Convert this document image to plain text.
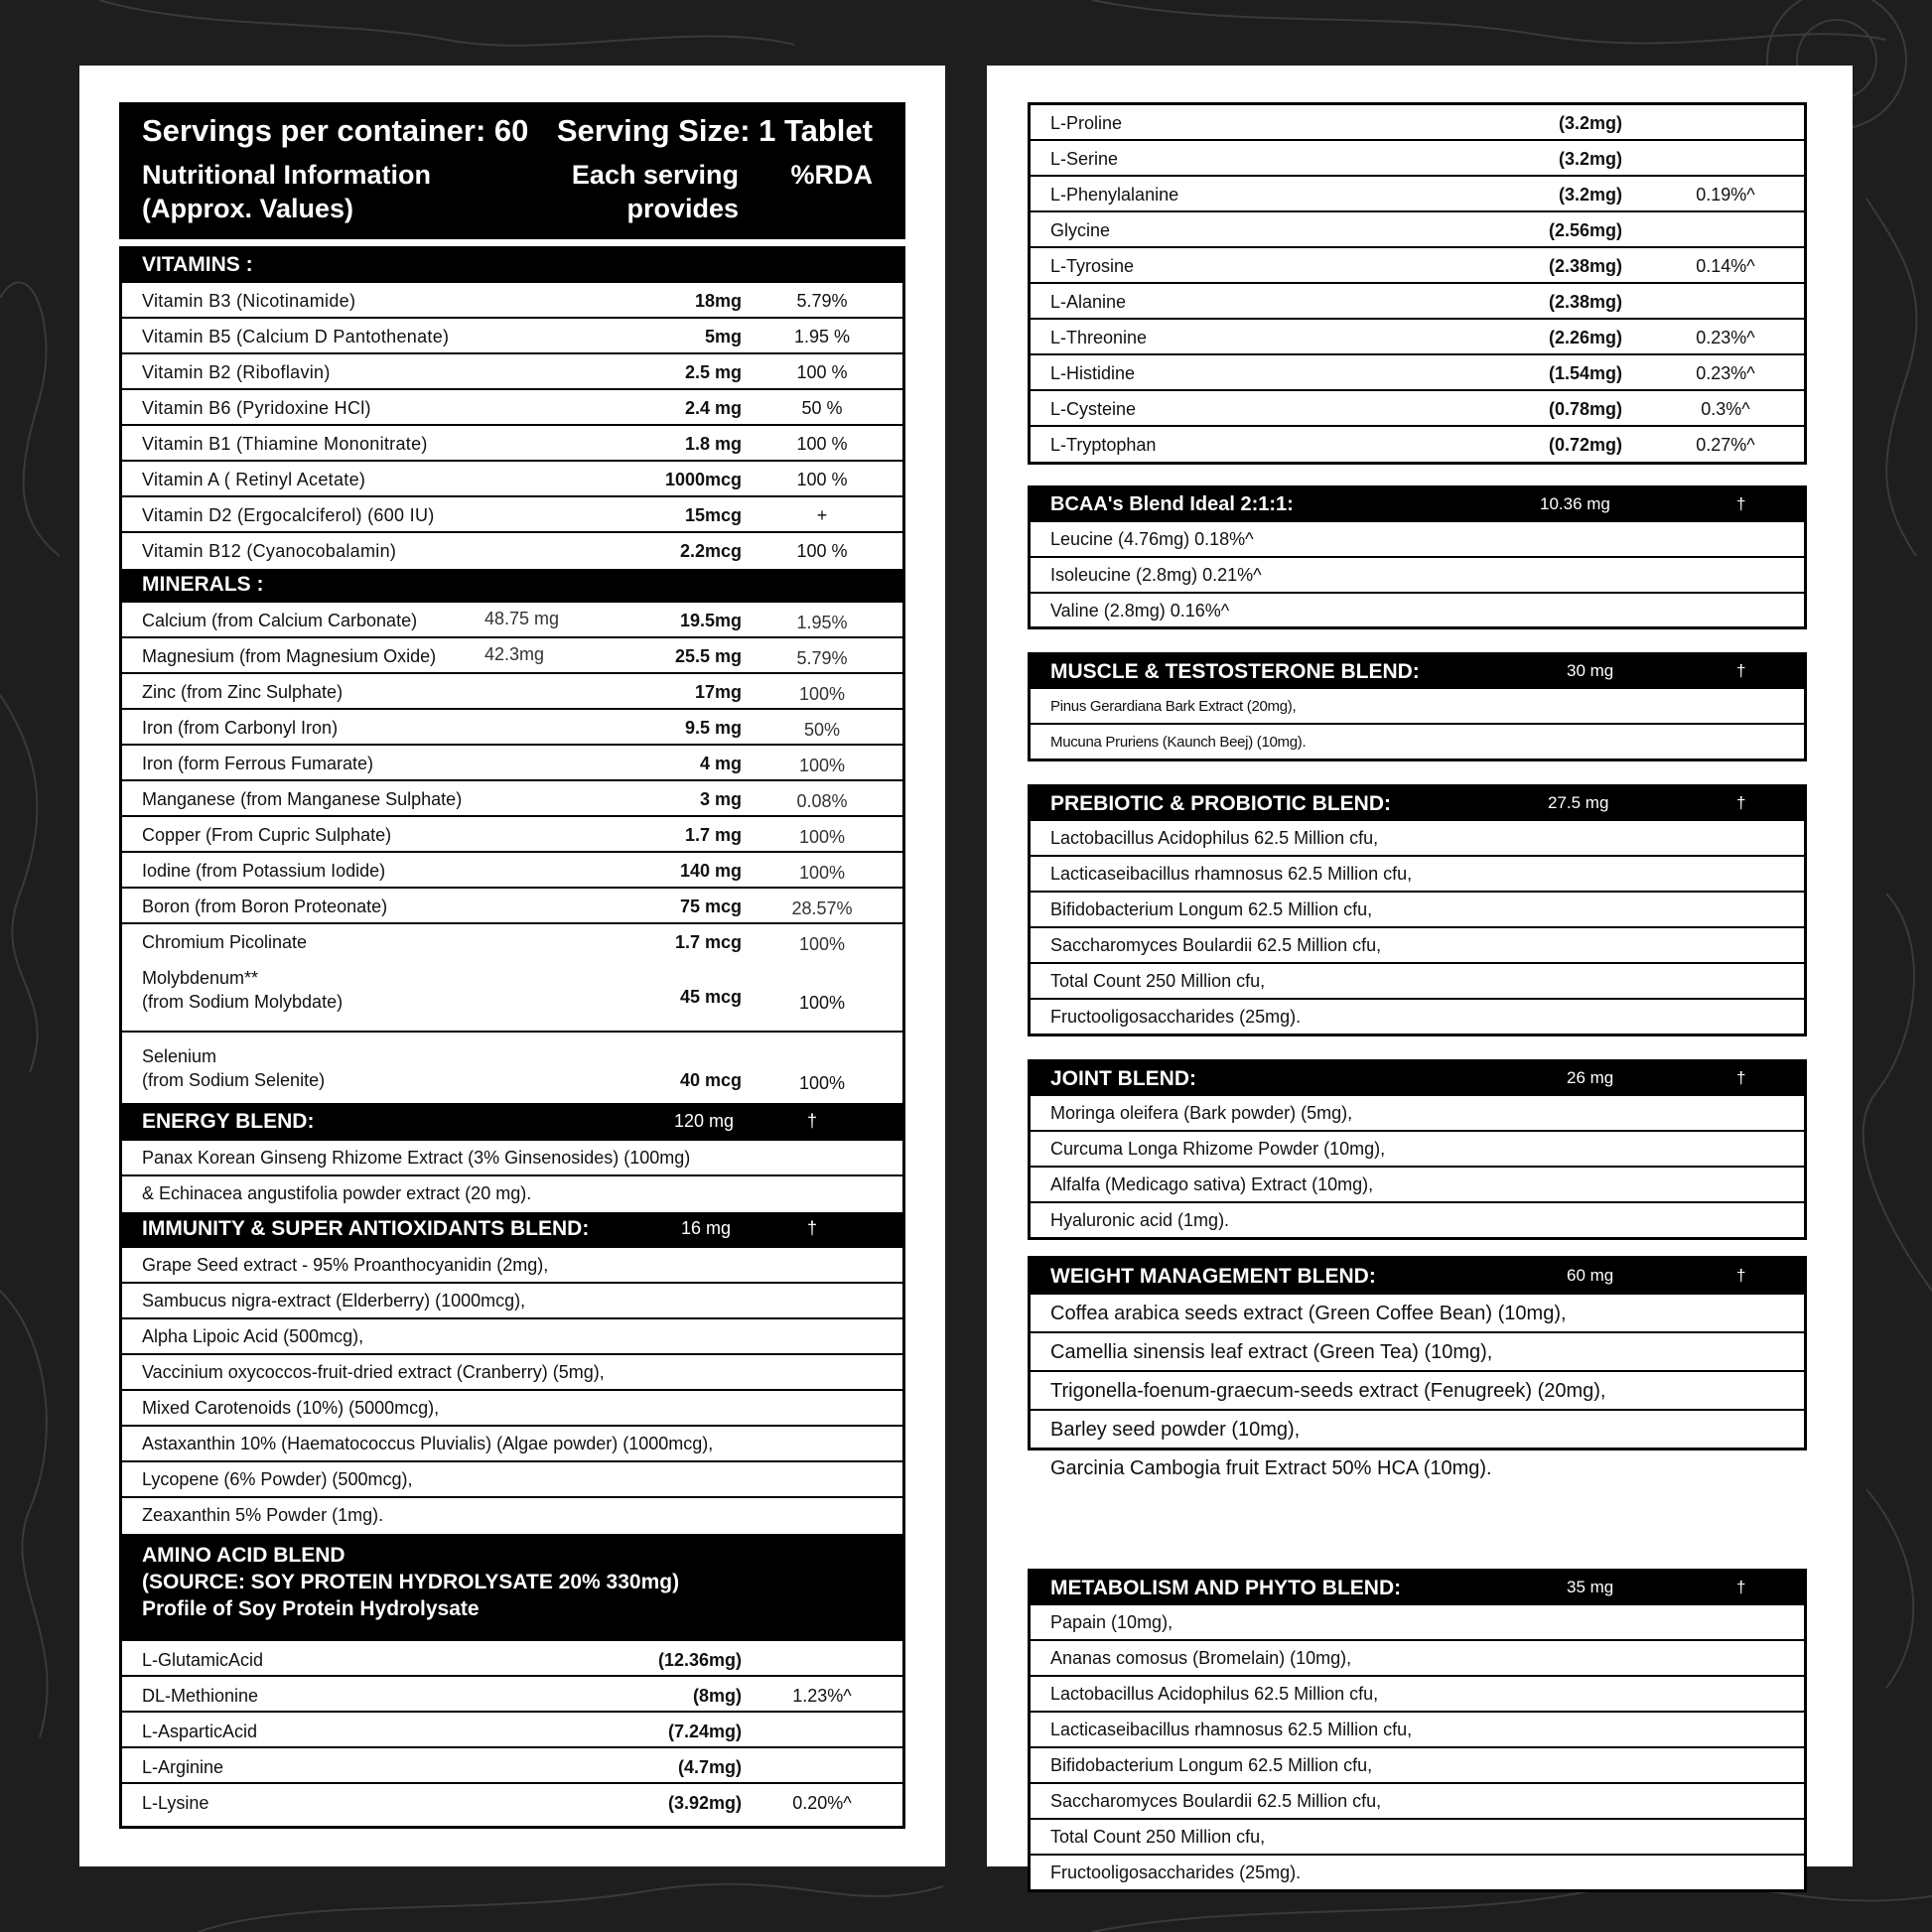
Servings per container: 60 Serving Size: 1 Tablet
Nutritional Information
(Approx. Values)
Each serving
provides
%RDA
VITAMINS :
Vitamin B3 (Nicotinamide)	18mg	5.79%
Vitamin B5 (Calcium D Pantothenate)	5mg	1.95 %
Vitamin B2 (Riboflavin)	2.5 mg	100 %
Vitamin B6 (Pyridoxine HCl)	2.4 mg	50 %
Vitamin B1 (Thiamine Mononitrate)	1.8 mg	100 %
Vitamin A ( Retinyl Acetate)	1000mcg	100 %
Vitamin D2 (Ergocalciferol) (600 IU)	15mcg	+
Vitamin B12 (Cyanocobalamin)	2.2mcg	100 %
MINERALS :
Calcium (from Calcium Carbonate)	48.75 mg	19.5mg	1.95%
Magnesium (from Magnesium Oxide)	42.3mg	25.5 mg	5.79%
Zinc (from Zinc Sulphate)	17mg	100%
Iron (from Carbonyl Iron)	9.5 mg	50%
Iron (form Ferrous Fumarate)	4 mg	100%
Manganese (from Manganese Sulphate)	3 mg	0.08%
Copper (From Cupric Sulphate)	1.7 mg	100%
Iodine (from Potassium Iodide)	140 mg	100%
Boron (from Boron Proteonate)	75 mcg	28.57%
Chromium Picolinate	1.7 mcg	100%
Molybdenum**
(from Sodium Molybdate)	45 mcg	100%
Selenium
(from Sodium Selenite)	40 mcg	100%
ENERGY BLEND:	120 mg	†
Panax Korean Ginseng Rhizome Extract (3% Ginsenosides) (100mg)
& Echinacea angustifolia powder extract (20 mg).
IMMUNITY & SUPER ANTIOXIDANTS BLEND:	16 mg	†
Grape Seed extract - 95% Proanthocyanidin (2mg),
Sambucus nigra-extract (Elderberry) (1000mcg),
Alpha Lipoic Acid (500mcg),
Vaccinium oxycoccos-fruit-dried extract (Cranberry) (5mg),
Mixed Carotenoids (10%) (5000mcg),
Astaxanthin 10% (Haematococcus Pluvialis) (Algae powder) (1000mcg),
Lycopene (6% Powder) (500mcg),
Zeaxanthin 5% Powder (1mg).
AMINO ACID BLEND
(SOURCE: SOY PROTEIN HYDROLYSATE 20% 330mg)
Profile of Soy Protein Hydrolysate
L-GlutamicAcid	(12.36mg)
DL-Methionine	(8mg)	1.23%^
L-AsparticAcid	(7.24mg)
L-Arginine	(4.7mg)
L-Lysine	(3.92mg)	0.20%^
L-Proline	(3.2mg)
L-Serine	(3.2mg)
L-Phenylalanine	(3.2mg)	0.19%^
Glycine	(2.56mg)
L-Tyrosine	(2.38mg)	0.14%^
L-Alanine	(2.38mg)
L-Threonine	(2.26mg)	0.23%^
L-Histidine	(1.54mg)	0.23%^
L-Cysteine	(0.78mg)	0.3%^
L-Tryptophan	(0.72mg)	0.27%^
BCAA's Blend Ideal 2:1:1:	10.36 mg	†
Leucine (4.76mg) 0.18%^
Isoleucine (2.8mg) 0.21%^
Valine (2.8mg) 0.16%^
MUSCLE & TESTOSTERONE BLEND:	30 mg	†
Pinus Gerardiana Bark Extract (20mg),
Mucuna Pruriens (Kaunch Beej) (10mg).
PREBIOTIC & PROBIOTIC BLEND:	27.5 mg	†
Lactobacillus Acidophilus 62.5 Million cfu,
Lacticaseibacillus rhamnosus 62.5 Million cfu,
Bifidobacterium Longum 62.5 Million cfu,
Saccharomyces Boulardii 62.5 Million cfu,
Total Count 250 Million cfu,
Fructooligosaccharides (25mg).
JOINT BLEND:	26 mg	†
Moringa oleifera (Bark powder) (5mg),
Curcuma Longa Rhizome Powder (10mg),
Alfalfa (Medicago sativa) Extract (10mg),
Hyaluronic acid (1mg).
WEIGHT MANAGEMENT BLEND:	60 mg	†
Coffea arabica seeds extract (Green Coffee Bean) (10mg),
Camellia sinensis leaf extract (Green Tea) (10mg),
Trigonella-foenum-graecum-seeds extract (Fenugreek) (20mg),
Barley seed powder (10mg),
Garcinia Cambogia fruit Extract 50% HCA (10mg).
METABOLISM AND PHYTO BLEND:	35 mg	†
Papain (10mg),
Ananas comosus (Bromelain) (10mg),
Lactobacillus Acidophilus 62.5 Million cfu,
Lacticaseibacillus rhamnosus 62.5 Million cfu,
Bifidobacterium Longum 62.5 Million cfu,
Saccharomyces Boulardii 62.5 Million cfu,
Total Count 250 Million cfu,
Fructooligosaccharides (25mg).
